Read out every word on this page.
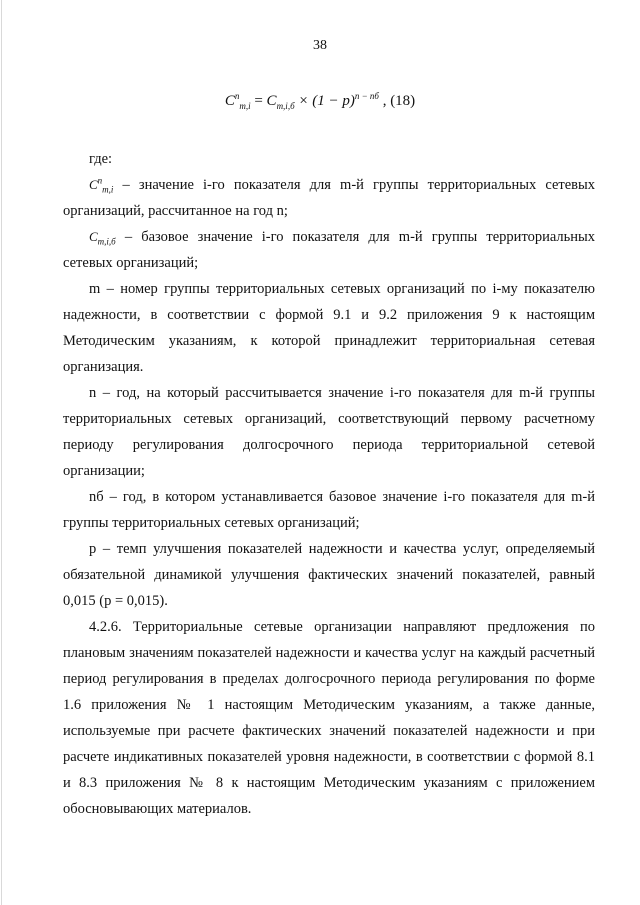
38
$C^n_{m,i} = C_{m,i,б} \times (1 - p)^{n - nб}$ , (18)

где:

$C^n_{m,i}$ – значение i-го показателя для m-й группы территориальных сетевых организаций, рассчитанное на год n;

$C_{m,i,б}$ – базовое значение i-го показателя для m-й группы территориальных сетевых организаций;

m – номер группы территориальных сетевых организаций по i-му показателю надежности, в соответствии с формой 9.1 и 9.2 приложения 9 к настоящим Методическим указаниям, к которой принадлежит территориальная сетевая организация.

n – год, на который рассчитывается значение i-го показателя для m-й группы территориальных сетевых организаций, соответствующий первому расчетному периоду регулирования долгосрочного периода территориальной сетевой организации;

nб – год, в котором устанавливается базовое значение i-го показателя для m-й группы территориальных сетевых организаций;

p – темп улучшения показателей надежности и качества услуг, определяемый обязательной динамикой улучшения фактических значений показателей, равный 0,015 (p = 0,015).

4.2.6. Территориальные сетевые организации направляют предложения по плановым значениям показателей надежности и качества услуг на каждый расчетный период регулирования в пределах долгосрочного периода регулирования по форме 1.6 приложения № 1 настоящим Методическим указаниям, а также данные, используемые при расчете фактических значений показателей надежности и при расчете индикативных показателей уровня надежности, в соответствии с формой 8.1 и 8.3 приложения № 8 к настоящим Методическим указаниям с приложением обосновывающих материалов.
